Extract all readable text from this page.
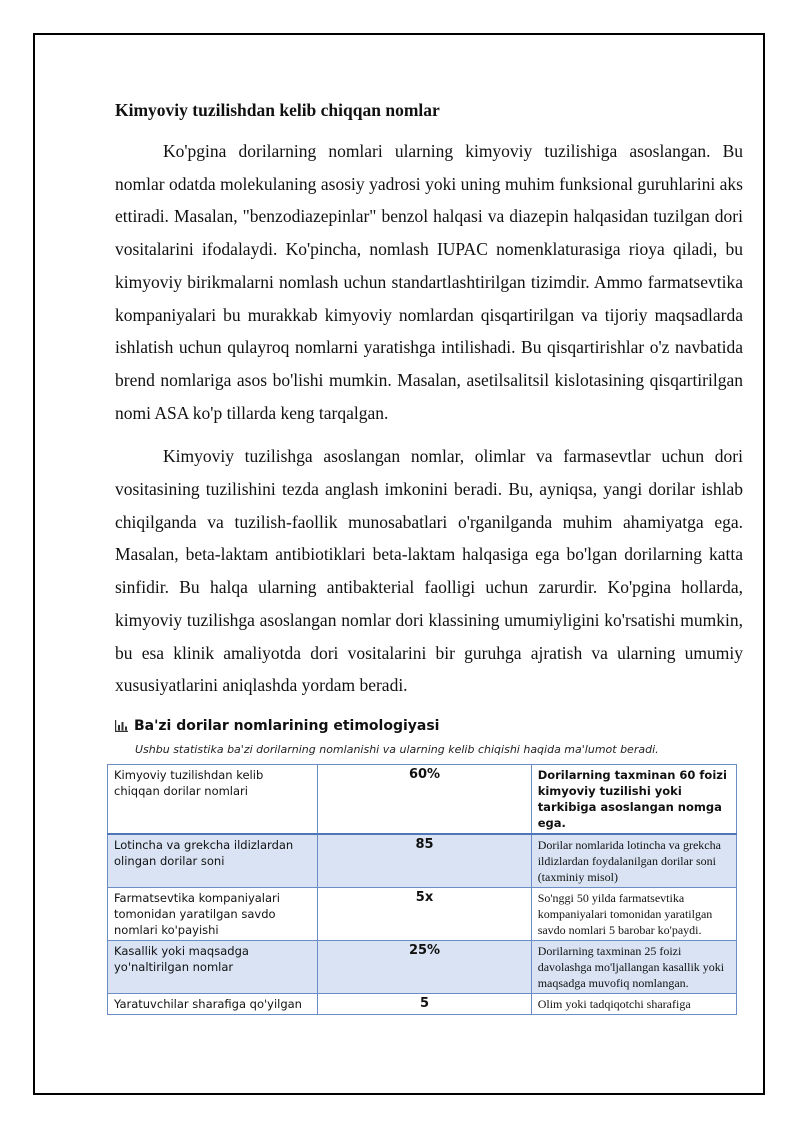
Kimyoviy tuzilishdan kelib chiqqan nomlar

Ko'pgina dorilarning nomlari ularning kimyoviy tuzilishiga asoslangan. Bu nomlar odatda molekulaning asosiy yadrosi yoki uning muhim funksional guruhlarini aks ettiradi. Masalan, "benzodiazepinlar" benzol halqasi va diazepin halqasidan tuzilgan dori vositalarini ifodalaydi. Ko'pincha, nomlash IUPAC nomenklaturasiga rioya qiladi, bu kimyoviy birikmalarni nomlash uchun standartlashtirilgan tizimdir. Ammo farmatsevtika kompaniyalari bu murakkab kimyoviy nomlardan qisqartirilgan va tijoriy maqsadlarda ishlatish uchun qulayroq nomlarni yaratishga intilishadi. Bu qisqartirishlar o'z navbatida brend nomlariga asos bo'lishi mumkin. Masalan, asetilsalitsil kislotasining qisqartirilgan nomi ASA ko'p tillarda keng tarqalgan.

Kimyoviy tuzilishga asoslangan nomlar, olimlar va farmasevtlar uchun dori vositasining tuzilishini tezda anglash imkonini beradi. Bu, ayniqsa, yangi dorilar ishlab chiqilganda va tuzilish-faollik munosabatlari o'rganilganda muhim ahamiyatga ega. Masalan, beta-laktam antibiotiklari beta-laktam halqasiga ega bo'lgan dorilarning katta sinfidir. Bu halqa ularning antibakterial faolligi uchun zarurdir. Ko'pgina hollarda, kimyoviy tuzilishga asoslangan nomlar dori klassining umumiyligini ko'rsatishi mumkin, bu esa klinik amaliyotda dori vositalarini bir guruhga ajratish va ularning umumiy xususiyatlarini aniqlashda yordam beradi.

Ba'zi dorilar nomlarining etimologiyasi
Ushbu statistika ba'zi dorilarning nomlanishi va ularning kelib chiqishi haqida ma'lumot beradi.
Kimyoviy tuzilishdan kelib chiqqan dorilar nomlari	60%	Dorilarning taxminan 60 foizi kimyoviy tuzilishi yoki tarkibiga asoslangan nomga ega.
Lotincha va grekcha ildizlardan olingan dorilar soni	85	Dorilar nomlarida lotincha va grekcha ildizlardan foydalanilgan dorilar soni (taxminiy misol)
Farmatsevtika kompaniyalari tomonidan yaratilgan savdo nomlari ko'payishi	5x	So'nggi 50 yilda farmatsevtika kompaniyalari tomonidan yaratilgan savdo nomlari 5 barobar ko'paydi.
Kasallik yoki maqsadga yo'naltirilgan nomlar	25%	Dorilarning taxminan 25 foizi davolashga mo'ljallangan kasallik yoki maqsadga muvofiq nomlangan.
Yaratuvchilar sharafiga qo'yilgan	5	Olim yoki tadqiqotchi sharafiga
